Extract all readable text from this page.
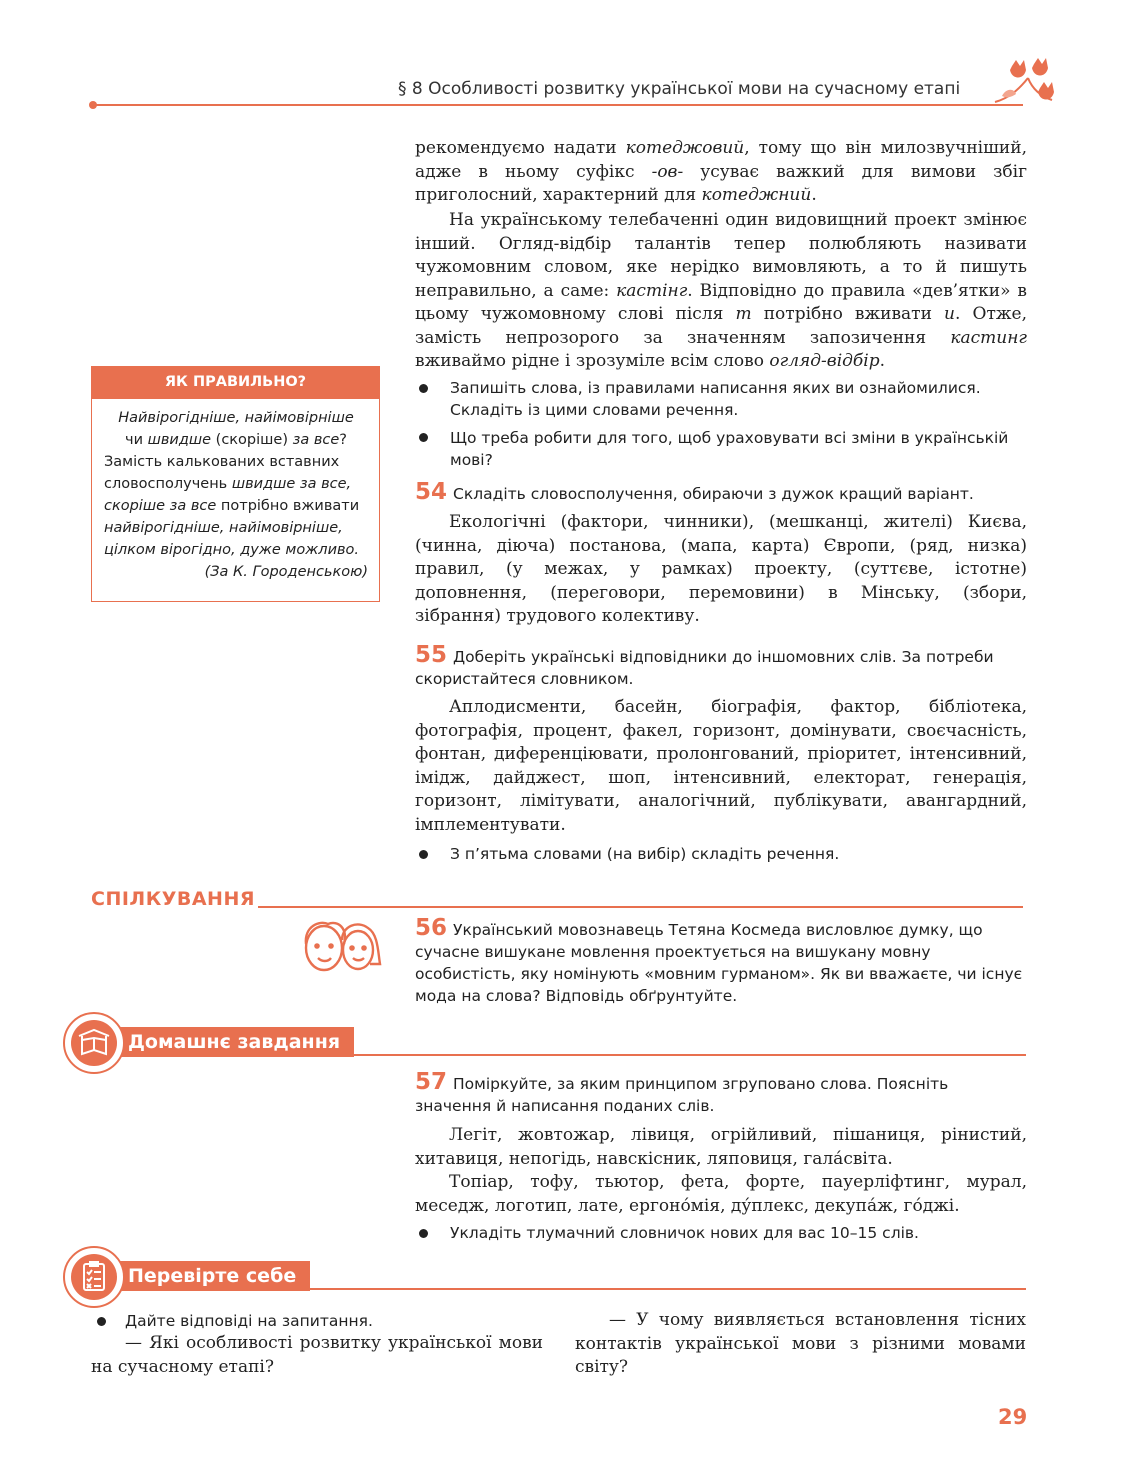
§ 8 Особливості розвитку української мови на сучасному етапі
рекомендуємо надати котеджовий, тому що він милозвучніший, адже в ньому суфікс -ов- усуває важкий для вимови збіг приголосний, характерний для котеджний.
На українському телебаченні один видовищний проект змінює інший. Огляд-відбір талантів тепер полюбляють називати чужомовним словом, яке нерідко вимовляють, а то й пишуть неправильно, а саме: кастінг. Відповідно до правила «дев’ятки» в цьому чужомовному слові після т потрібно вживати и. Отже, замість непрозорого за значенням запозичення кастинг вживаймо рідне і зрозуміле всім слово огляд-відбір.
Запишіть слова, із правилами написання яких ви ознайомилися. Складіть із цими словами речення.
Що треба робити для того, щоб ураховувати всі зміни в українській мові?
ЯК ПРАВИЛЬНО?
Найвірогідніше, найімовірніше
чи швидше (скоріше) за все?
Замість калькованих вставних словосполучень швидше за все, скоріше за все потрібно вживати найвірогідніше, найімовірніше, цілком вірогідно, дуже можливо.
(За К. Городенською)
54 Складіть словосполучення, обираючи з дужок кращий варіант.
Екологічні (фактори, чинники), (мешканці, жителі) Києва, (чинна, діюча) постанова, (мапа, карта) Європи, (ряд, низка) правил, (у межах, у рамках) проекту, (суттєве, істотне) доповнення, (переговори, перемовини) в Мінську, (збори, зібрання) трудового колективу.
55 Доберіть українські відповідники до іншомовних слів. За потреби скористайтеся словником.
Аплодисменти, басейн, біографія, фактор, бібліотека, фотографія, процент, факел, горизонт, домінувати, своєчасність, фонтан, диференціювати, пролонгований, пріоритет, інтенсивний, імідж, дайджест, шоп, інтенсивний, електорат, генерація, горизонт, лімітувати, аналогічний, публікувати, авангардний, імплементувати.
З п’ятьма словами (на вибір) складіть речення.
СПІЛКУВАННЯ
56 Український мовознавець Тетяна Космеда висловлює думку, що сучасне вишукане мовлення проектується на вишукану мовну особистість, яку номінують «мовним гурманом». Як ви вважаєте, чи існує мода на слова? Відповідь обґрунтуйте.
Домашнє завдання
57 Поміркуйте, за яким принципом згруповано слова. Поясніть значення й написання поданих слів.
Легіт, жовтожар, лівиця, огрійливий, пішаниця, рінистий, хитавиця, непогідь, навскісник, ляповиця, гала́світа.
Топіар, тофу, тьютор, фета, форте, пауерліфтинг, мурал, меседж, логотип, лате, ергоно́мія, ду́плекс, декупа́ж, го́джі.
Укладіть тлумачний словничок нових для вас 10–15 слів.
Перевірте себе
Дайте відповіді на запитання.
— Які особливості розвитку української мови на сучасному етапі?
— У чому виявляється встановлення тісних контактів української мови з різними мовами світу?
29
